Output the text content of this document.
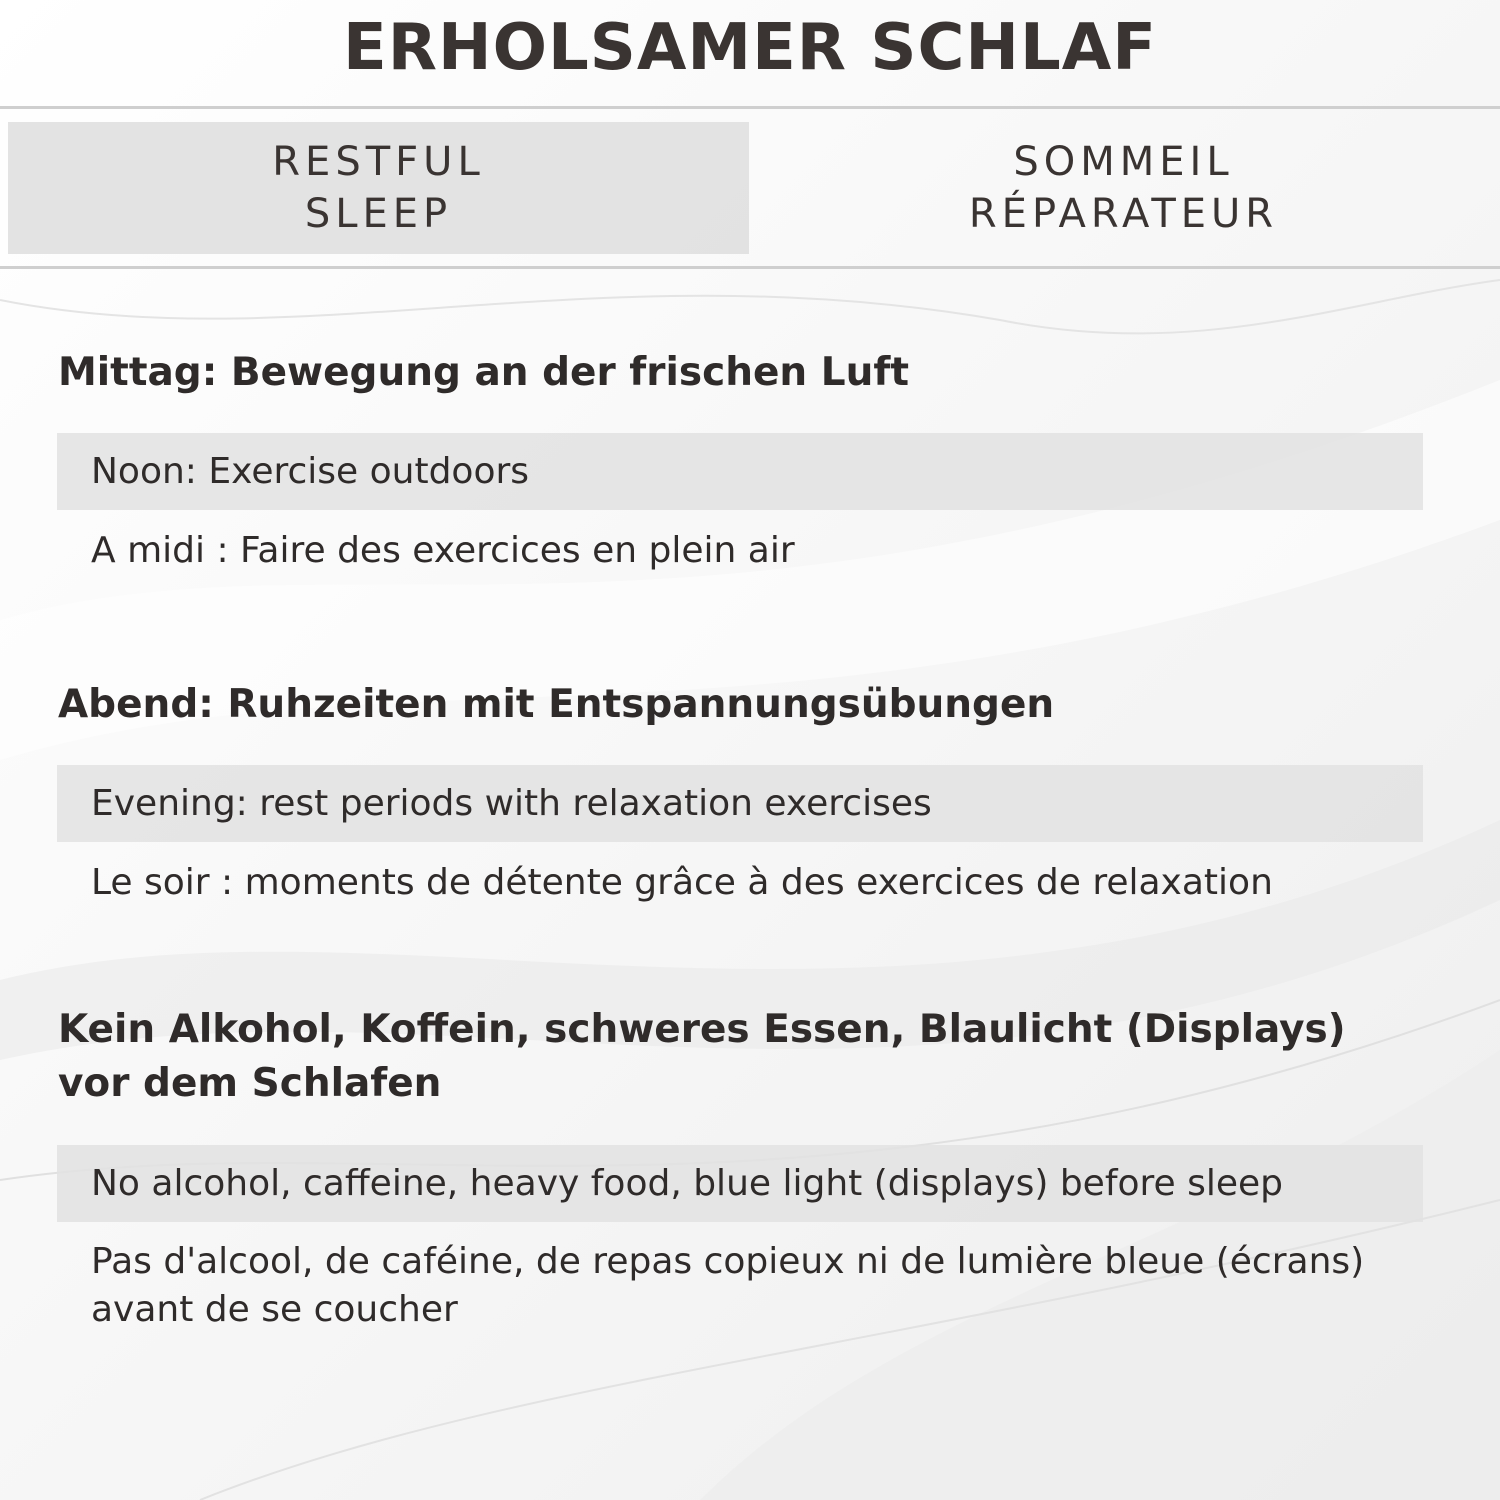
ERHOLSAMER SCHLAF
RESTFUL
SLEEP
SOMMEIL
RÉPARATEUR
Mittag: Bewegung an der frischen Luft
Noon: Exercise outdoors
A midi : Faire des exercices en plein air
Abend: Ruhzeiten mit Entspannungsübungen
Evening: rest periods with relaxation exercises
Le soir : moments de détente grâce à des exercices de relaxation
Kein Alkohol, Koffein, schweres Essen, Blaulicht (Displays) vor dem Schlafen
No alcohol, caffeine, heavy food, blue light (displays) before sleep
Pas d'alcool, de caféine, de repas copieux ni de lumière bleue (écrans) avant de se coucher
